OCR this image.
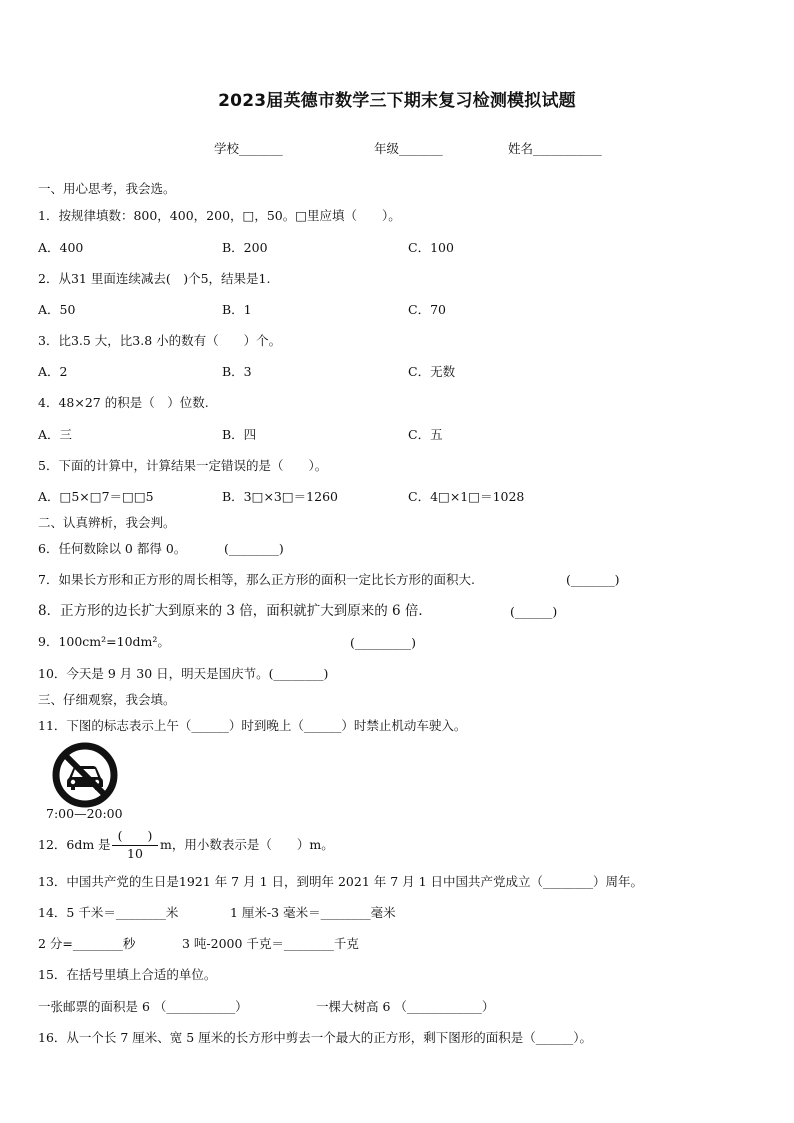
2023届英德市数学三下期末复习检测模拟试题
学校_______	年级_______	姓名___________
一、用心思考，我会选。
1．按规律填数：800，400，200，□，50。□里应填（　　）。
A．400	B．200	C．100
2．从31 里面连续减去(　)个5，结果是1.
A．50	B．1	C．70
3．比3.5 大，比3.8 小的数有（　　）个。
A．2	B．3	C．无数
4．48×27 的积是（　）位数.
A．三	B．四	C．五
5．下面的计算中，计算结果一定错误的是（　　）。
A．□5×□7＝□□5	B．3□×3□＝1260	C．4□×1□＝1028
二、认真辨析，我会判。
6．任何数除以 0 都得 0。	(________)
7．如果长方形和正方形的周长相等，那么正方形的面积一定比长方形的面积大.	(_______)
8．正方形的边长扩大到原来的 3 倍，面积就扩大到原来的 6 倍．	(______)
9．100cm²=10dm²。	(_________)
10．今天是 9 月 30 日，明天是国庆节。(________)
三、仔细观察，我会填。
11．下图的标志表示上午（______）时到晚上（______）时禁止机动车驶入。
7:00—20:00
12．6dm 是
(　　)
10
m，用小数表示是（　　）m。
13．中国共产党的生日是1921 年 7 月 1 日，到明年 2021 年 7 月 1 日中国共产党成立（________）周年。
14．5 千米＝________米	1 厘米-3 毫米＝________毫米
2 分=________秒	3 吨-2000 千克＝________千克
15．在括号里填上合适的单位。
一张邮票的面积是 6 （___________）	一棵大树高 6 （____________）
16．从一个长 7 厘米、宽 5 厘米的长方形中剪去一个最大的正方形，剩下图形的面积是（______）。
